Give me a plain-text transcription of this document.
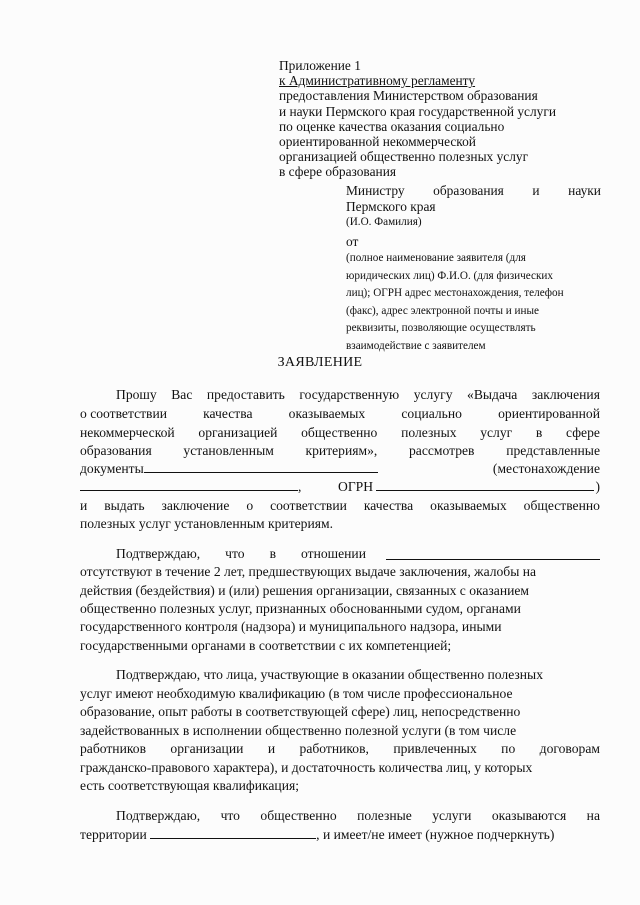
Приложение 1
к Административному регламенту
предоставления Министерством образования
и науки Пермского края государственной услуги
по оценке качества оказания социально
ориентированной некоммерческой
организацией общественно полезных услуг
в сфере образования
Министру образования и науки
Пермского края
(И.О. Фамилия)
от
(полное наименование заявителя (для
юридических лиц) Ф.И.О. (для физических
лиц); ОГРН адрес местонахождения, телефон
(факс), адрес электронной почты и иные
реквизиты, позволяющие осуществлять
взаимодействие с заявителем
ЗАЯВЛЕНИЕ
Прошу Вас предоставить государственную услугу «Выдача заключения
о соответствии	качества	оказываемых	социально	ориентированной
некоммерческой организацией общественно полезных услуг в сфере
образования установленным критериям», рассмотрев представленные
документы	(местонахождение
,	ОГРН	)
и выдать заключение о соответствии качества оказываемых общественно
полезных услуг установленным критериям.
Подтверждаю, что в отношении
отсутствуют в течение 2 лет, предшествующих выдаче заключения, жалобы на
действия (бездействия) и (или) решения организации, связанных с оказанием
общественно полезных услуг, признанных обоснованными судом, органами
государственного контроля (надзора) и муниципального надзора, иными
государственными органами в соответствии с их компетенцией;
Подтверждаю, что лица, участвующие в оказании общественно полезных
услуг имеют необходимую квалификацию (в том числе профессиональное
образование, опыт работы в соответствующей сфере) лиц, непосредственно
задействованных в исполнении общественно полезной услуги (в том числе
работников организации и работников, привлеченных по договорам
гражданско-правового характера), и достаточность количества лиц, у которых
есть соответствующая квалификация;
Подтверждаю, что общественно полезные услуги оказываются на
территории	, и имеет/не имеет (нужное подчеркнуть)
